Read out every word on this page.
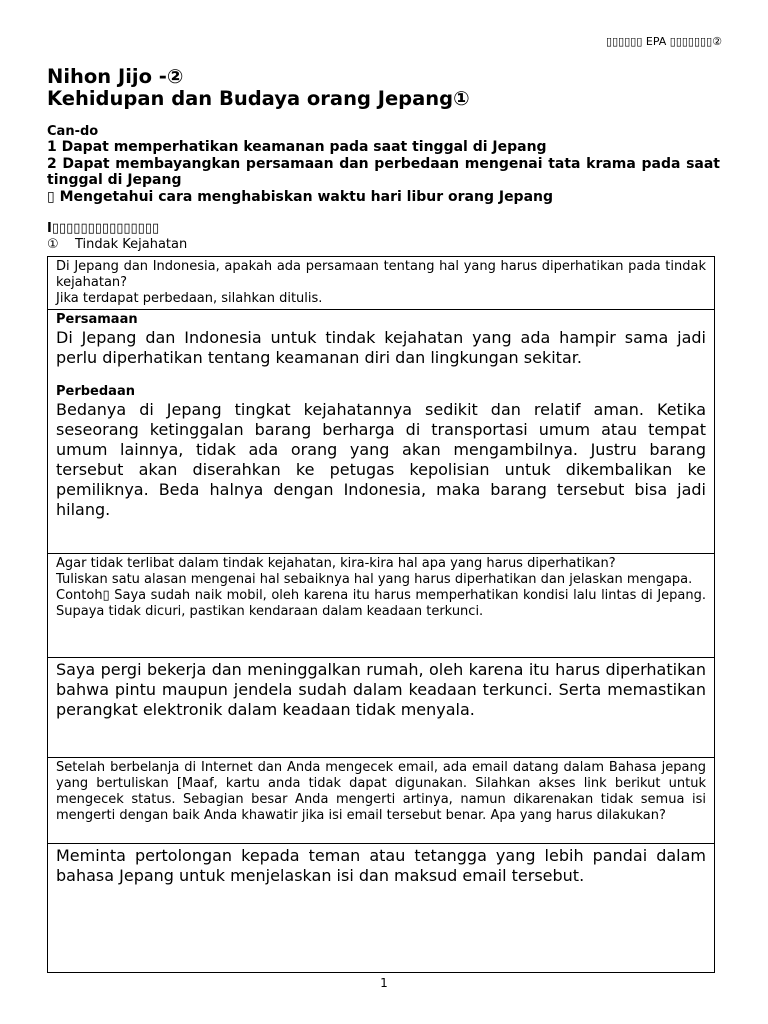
▯▯▯▯▯▯ EPA ▯▯▯▯▯▯▯②
Nihon Jijo -②
Kehidupan dan Budaya orang Jepang①
Can-do
1 Dapat memperhatikan keamanan pada saat tinggal di Jepang
2 Dapat membayangkan persamaan dan perbedaan mengenai tata krama pada saat tinggal di Jepang
▯ Mengetahui cara menghabiskan waktu hari libur orang Jepang
I▯▯▯▯▯▯▯▯▯▯▯▯▯▯▯
① Tindak Kejahatan

Di Jepang dan Indonesia, apakah ada persamaan tentang hal yang harus diperhatikan pada tindak kejahatan?

Jika terdapat perbedaan, silahkan ditulis.

Persamaan

Di Jepang dan Indonesia untuk tindak kejahatan yang ada hampir sama jadi perlu diperhatikan tentang keamanan diri dan lingkungan sekitar.

Perbedaan

Bedanya di Jepang tingkat kejahatannya sedikit dan relatif aman. Ketika seseorang ketinggalan barang berharga di transportasi umum atau tempat umum lainnya, tidak ada orang yang akan mengambilnya. Justru barang tersebut akan diserahkan ke petugas kepolisian untuk dikembalikan ke pemiliknya. Beda halnya dengan Indonesia, maka barang tersebut bisa jadi hilang.

Agar tidak terlibat dalam tindak kejahatan, kira-kira hal apa yang harus diperhatikan?

Tuliskan satu alasan mengenai hal sebaiknya hal yang harus diperhatikan dan jelaskan mengapa.

Contoh▯ Saya sudah naik mobil, oleh karena itu harus memperhatikan kondisi lalu lintas di Jepang. Supaya tidak dicuri, pastikan kendaraan dalam keadaan terkunci.

Saya pergi bekerja dan meninggalkan rumah, oleh karena itu harus diperhatikan bahwa pintu maupun jendela sudah dalam keadaan terkunci. Serta memastikan perangkat elektronik dalam keadaan tidak menyala.

Setelah berbelanja di Internet dan Anda mengecek email, ada email datang dalam Bahasa jepang yang bertuliskan [Maaf, kartu anda tidak dapat digunakan. Silahkan akses link berikut untuk mengecek status. Sebagian besar Anda mengerti artinya, namun dikarenakan tidak semua isi mengerti dengan baik Anda khawatir jika isi email tersebut benar. Apa yang harus dilakukan?

Meminta pertolongan kepada teman atau tetangga yang lebih pandai dalam bahasa Jepang untuk menjelaskan isi dan maksud email tersebut.

1
